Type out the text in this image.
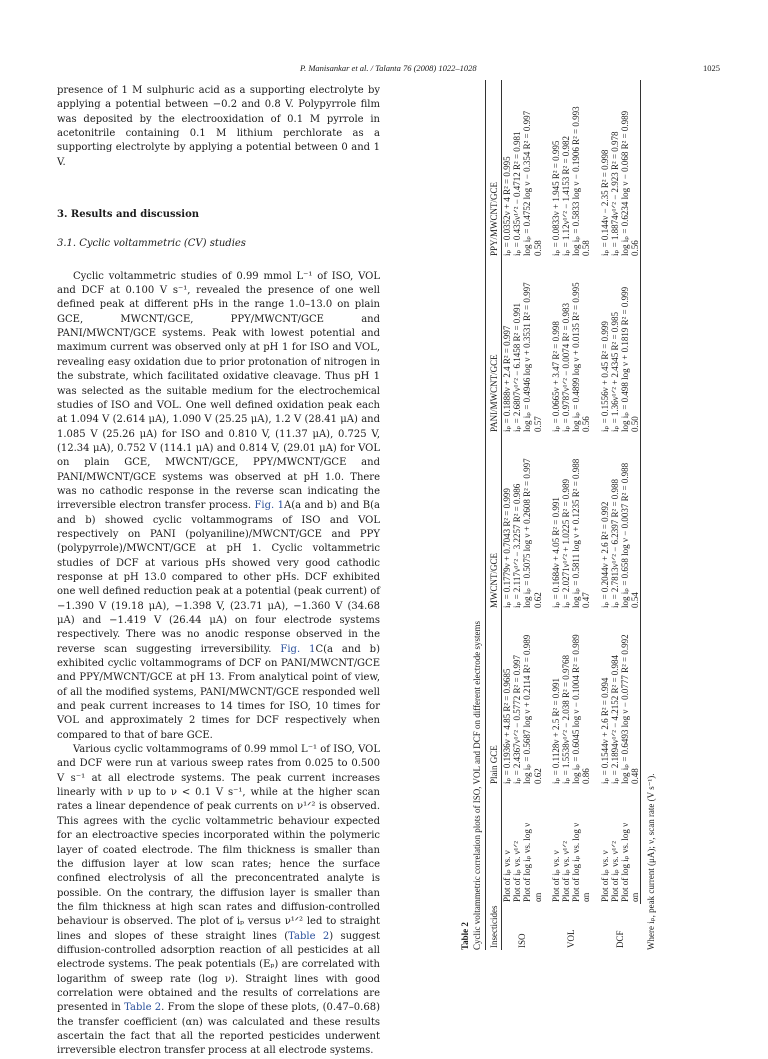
P. Manisankar et al. / Talanta 76 (2008) 1022–1028	1025

presence of 1 M sulphuric acid as a supporting electrolyte by applying a potential between −0.2 and 0.8 V. Polypyrrole film was deposited by the electrooxidation of 0.1 M pyrrole in acetonitrile containing 0.1 M lithium perchlorate as a supporting electrolyte by applying a potential between 0 and 1 V.

3. Results and discussion
3.1. Cyclic voltammetric (CV) studies

Cyclic voltammetric studies of 0.99 mmol L⁻¹ of ISO, VOL and DCF at 0.100 V s⁻¹, revealed the presence of one well defined peak at different pHs in the range 1.0–13.0 on plain GCE, MWCNT/GCE, PPY/MWCNT/GCE and PANI/MWCNT/GCE systems. Peak with lowest potential and maximum current was observed only at pH 1 for ISO and VOL, revealing easy oxidation due to prior protonation of nitrogen in the substrate, which facilitated oxidative cleavage. Thus pH 1 was selected as the suitable medium for the electrochemical studies of ISO and VOL. One well defined oxidation peak each at 1.094 V (2.614 μA), 1.090 V (25.25 μA), 1.2 V (28.41 μA) and 1.085 V (25.26 μA) for ISO and 0.810 V, (11.37 μA), 0.725 V, (12.34 μA), 0.752 V (114.1 μA) and 0.814 V, (29.01 μA) for VOL on plain GCE, MWCNT/GCE, PPY/MWCNT/GCE and PANI/MWCNT/GCE systems was observed at pH 1.0. There was no cathodic response in the reverse scan indicating the irreversible electron transfer process. Fig. 1A(a and b) and B(a and b) showed cyclic voltammograms of ISO and VOL respectively on PANI (polyaniline)/MWCNT/GCE and PPY (polypyrrole)/MWCNT/GCE at pH 1. Cyclic voltammetric studies of DCF at various pHs showed very good cathodic response at pH 13.0 compared to other pHs. DCF exhibited one well defined reduction peak at a potential (peak current) of −1.390 V (19.18 μA), −1.398 V, (23.71 μA), −1.360 V (34.68 μA) and −1.419 V (26.44 μA) on four electrode systems respectively. There was no anodic response observed in the reverse scan suggesting irreversibility. Fig. 1C(a and b) exhibited cyclic voltammograms of DCF on PANI/MWCNT/GCE and PPY/MWCNT/GCE at pH 13. From analytical point of view, of all the modified systems, PANI/MWCNT/GCE responded well and peak current increases to 14 times for ISO, 10 times for VOL and approximately 2 times for DCF respectively when compared to that of bare GCE.

Various cyclic voltammograms of 0.99 mmol L⁻¹ of ISO, VOL and DCF were run at various sweep rates from 0.025 to 0.500 V s⁻¹ at all electrode systems. The peak current increases linearly with ν up to ν < 0.1 V s⁻¹, while at the higher scan rates a linear dependence of peak currents on ν¹ᐟ² is observed. This agrees with the cyclic voltammetric behaviour expected for an electroactive species incorporated within the polymeric layer of coated electrode. The film thickness is smaller than the diffusion layer at low scan rates; hence the surface confined electrolysis of all the preconcentrated analyte is possible. On the contrary, the diffusion layer is smaller than the film thickness at high scan rates and diffusion-controlled behaviour is observed. The plot of iₚ versus ν¹ᐟ² led to straight lines and slopes of these straight lines (Table 2) suggest diffusion-controlled adsorption reaction of all pesticides at all electrode systems. The peak potentials (Eₚ) are correlated with logarithm of sweep rate (log ν). Straight lines with good correlation were obtained and the results of correlations are presented in Table 2. From the slope of these plots, (0.47–0.68) the transfer coefficient (αn) was calculated and these results ascertain the fact that all the reported pesticides underwent irreversible electron transfer process at all electrode systems.

Table 2 Cyclic voltammetric correlation plots of ISO, VOL and DCF on different electrode systems Insecticides		Plain GCE	MWCNT/GCE	PANI/MWCNT/GCE	PPY/MWCNT/GCE
ISO	Plot of iₚ vs. ν	iₚ = 0.1936ν + 4.85 R² = 0.9685	iₚ = 0.1779ν + 0.7043 R² = 0.999	iₚ = 0.1888ν + 2.4 R² = 0.997	iₚ = 0.0352ν + 4 R² = 0.995
	Plot of iₚ vs. ν¹ᐟ²	iₚ = 2.4367ν¹ᐟ² − 0.5772 R² = 0.997	iₚ = 2.117ν¹ᐟ² − 3.2257 R² = 0.986	iₚ = 2.6807ν¹ᐟ² − 6.1458 R² = 0.991	iₚ = 0.435ν¹ᐟ² − 0.4712 R² = 0.981
	Plot of log iₚ vs. log ν	log iₚ = 0.5687 log ν + 0.2114 R² = 0.989	log iₚ = 0.5075 log ν + 0.2608 R² = 0.997	log iₚ = 0.4946 log ν + 0.3531 R² = 0.997	log iₚ = 0.4752 log ν − 0.354 R² = 0.997
	αn	0.62	0.62	0.57	0.58

VOL	Plot of iₚ vs. ν	iₚ = 0.1128ν + 2.5 R² = 0.991	iₚ = 0.1684ν + 4.05 R² = 0.991	iₚ = 0.0665ν + 3.47 R² = 0.998	iₚ = 0.0833ν + 1.945 R² = 0.995
	Plot of iₚ vs. ν¹ᐟ²	iₚ = 1.5538ν¹ᐟ² − 2.038 R² = 0.9768	iₚ = 2.0271ν¹ᐟ² + 1.0225 R² = 0.989	iₚ = 0.9787ν¹ᐟ² − 0.0074 R² = 0.983	iₚ = 1.12ν¹ᐟ² − 1.4153 R² = 0.982
	Plot of log iₚ vs. log ν	log iₚ = 0.6045 log ν − 0.1004 R² = 0.989	log iₚ = 0.5811 log ν + 0.1235 R² = 0.988	log iₚ = 0.4899 log ν + 0.0135 R² = 0.995	log iₚ = 0.5833 log ν − 0.1906 R² = 0.993
	αn	0.86	0.47	0.56	0.58

DCF	Plot of iₚ vs. ν	iₚ = 0.1544ν + 2.6 R² = 0.994	iₚ = 0.2044ν + 2.6 R² = 0.992	iₚ = 0.1556ν + 0.45 R² = 0.999	iₚ = 0.144ν − 2.35 R² = 0.998
	Plot of iₚ vs. ν¹ᐟ²	iₚ = 2.1894ν¹ᐟ² − 4.2152 R² = 0.984	iₚ = 2.7813ν¹ᐟ² − 6.2397 R² = 0.988	iₚ = 1.36ν¹ᐟ² + 2.4345 R² = 0.985	iₚ = 1.8874ν¹ᐟ² − 2.923 R² = 0.978
	Plot of log iₚ vs. log ν	log iₚ = 0.6493 log ν − 0.0777 R² = 0.992	log iₚ = 0.658 log ν − 0.0037 R² = 0.988	log iₚ = 0.498 log ν + 0.1819 R² = 0.999	log iₚ = 0.6234 log ν − 0.068 R² = 0.989
	αn	0.48	0.54	0.50	0.56
Where iₚ, peak current (μA); ν, scan rate (V s⁻¹).
